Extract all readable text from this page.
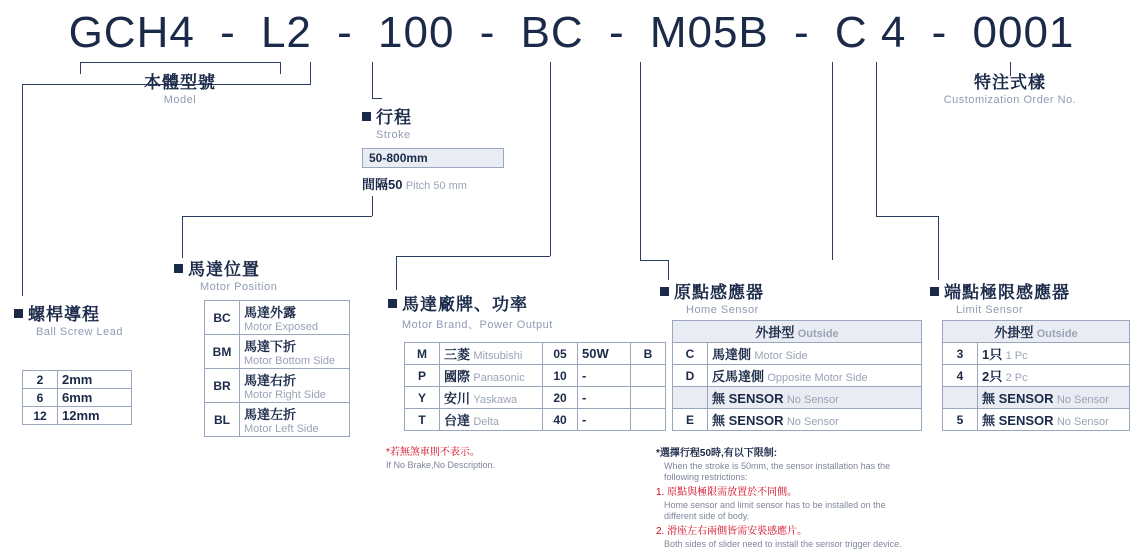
GCH4 - L2 - 100 - BC - M05B - C 4 - 0001
本體型號
Model
特注式樣
Customization Order No.
行程
Stroke
50-800mm
間隔50 Pitch 50 mm
螺桿導程
Ball Screw Lead
2	2mm
6	6mm
12	12mm
馬達位置
Motor Position
BC	馬達外露
Motor Exposed

BM	馬達下折
Motor Bottom Side

BR	馬達右折
Motor Right Side

BL	馬達左折
Motor Left Side
馬達廠牌、功率
Motor Brand、Power Output
M	三菱 Mitsubishi	05	50W	B
P	國際 Panasonic	10	-	
Y	安川 Yaskawa	20	-	
T	台達 Delta	40	-	
*若無煞車則不表示。
If No Brake,No Description.
原點感應器
Home Sensor
外掛型 Outside	
C	馬達側 Motor Side
D	反馬達側 Opposite Motor Side
	無 SENSOR No Sensor
E	無 SENSOR No Sensor
*選擇行程50時,有以下限制:
When the stroke is 50mm, the sensor installation has the following restrictions:
1. 原點與極限需放置於不同側。
Home sensor and limit sensor has to be installed on the different side of body.
2. 滑座左右兩側皆需安裝感應片。
Both sides of slider need to install the sensor trigger device.
端點極限感應器
Limit Sensor
外掛型 Outside	
3	1只 1 Pc
4	2只 2 Pc
	無 SENSOR No Sensor
5	無 SENSOR No Sensor
